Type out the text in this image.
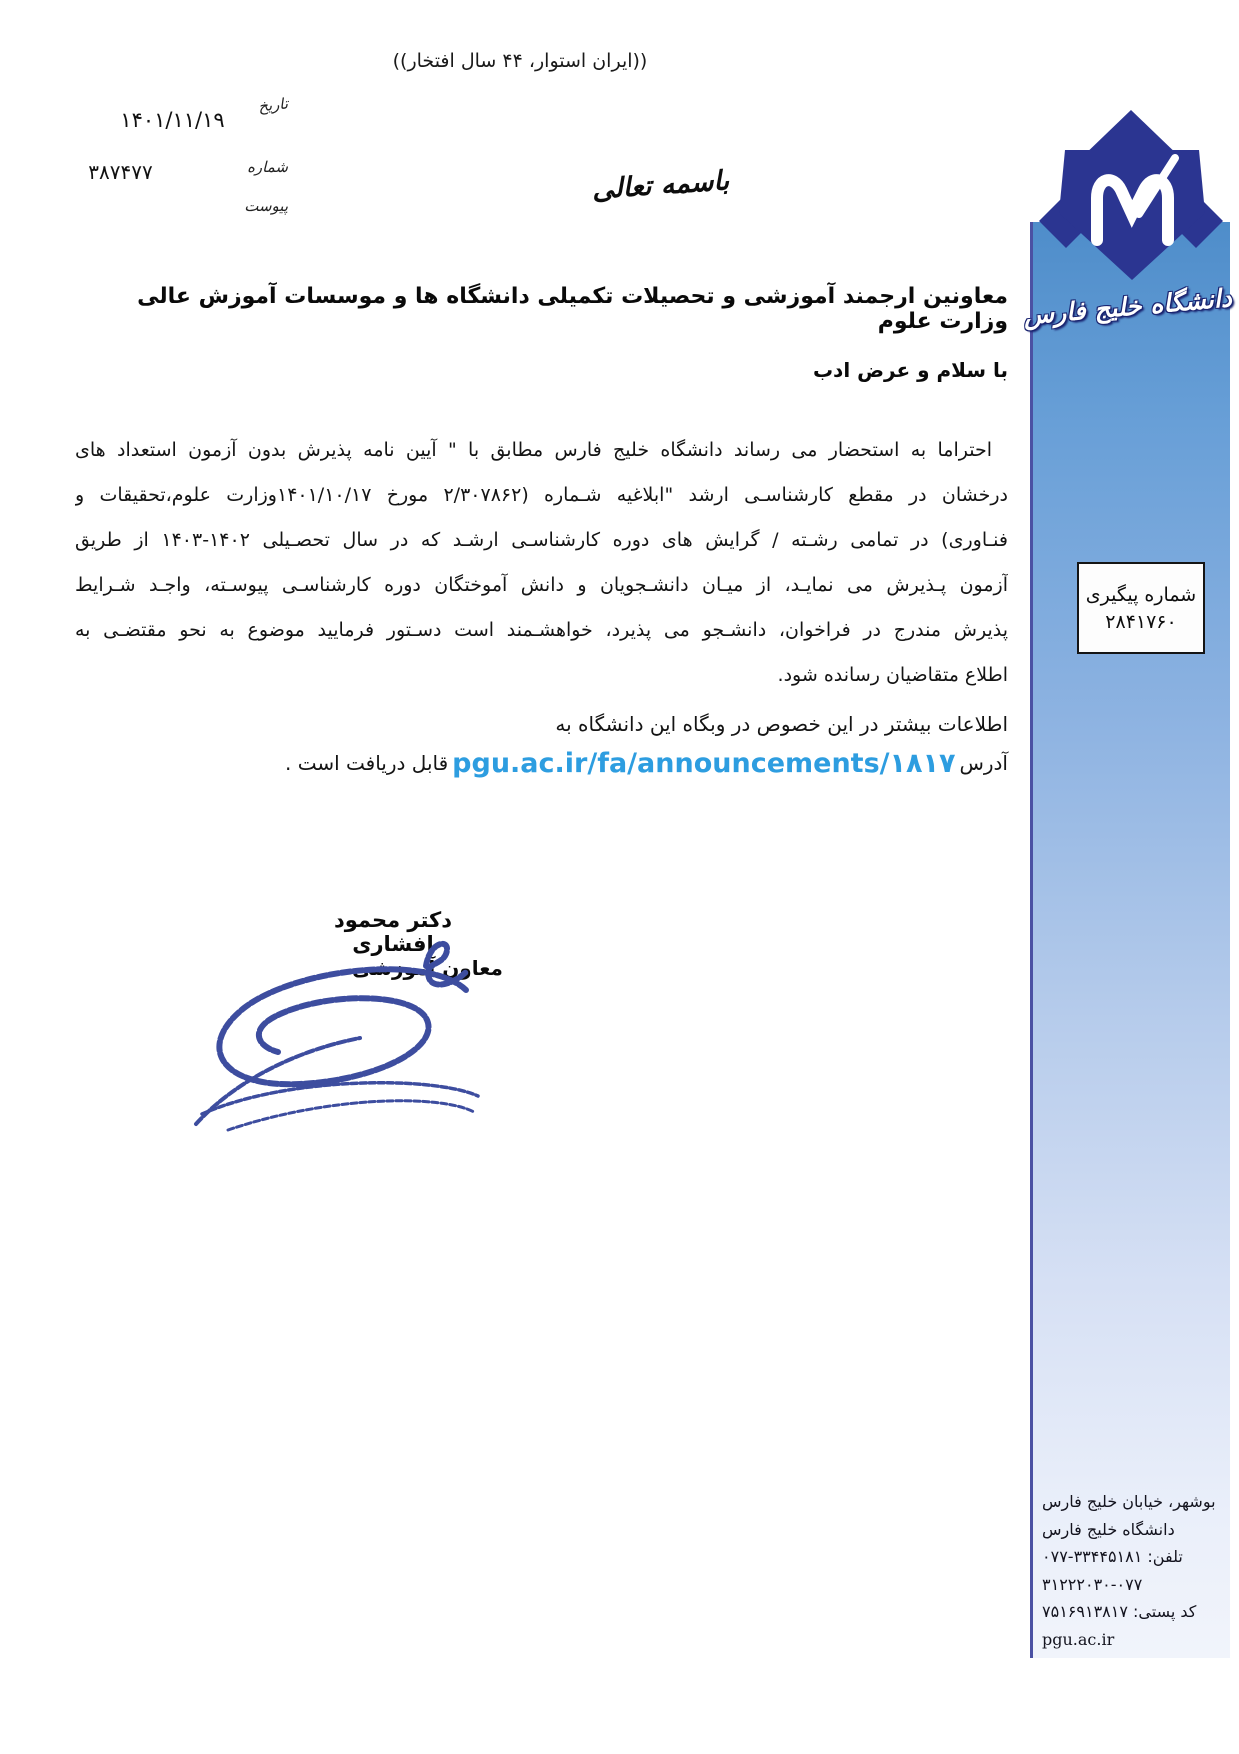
((ایران استوار، ۴۴ سال افتخار))
تاریخ
۱۴۰۱/۱۱/۱۹
شماره
۳۸۷۴۷۷
پیوست
باسمه تعالی
دانشگاه خلیج فارس
شماره پیگیری
۲۸۴۱۷۶۰
معاونین ارجمند آموزشی و تحصیلات تکمیلی دانشگاه ها و موسسات آموزش عالی وزارت علوم
با سلام و عرض ادب
احتراما به استحضار می رساند دانشگاه خلیج فارس مطابق با " آیین نامه پذیرش بدون آزمون استعداد های
درخشان در مقطع کارشناسـی ارشد "ابلاغیه شـماره (۲/۳۰۷۸۶۲ مورخ ۱۴۰۱/۱۰/۱۷وزارت علوم،تحقیقات و
فنـاوری) در تمامی رشـته / گرایش های دوره کارشناسـی ارشـد که در سال تحصـیلی ۱۴۰۲-۱۴۰۳ از طریق
آزمون پـذیرش می نمایـد، از میـان دانشـجویان و دانش آموختگان دوره کارشناسـی پیوسـته، واجـد شـرایط
پذیرش مندرج در فراخوان، دانشـجو می پذیرد، خواهشـمند است دسـتور فرمایید موضوع به نحو مقتضـی به
اطلاع متقاضیان رسانده شود.
اطلاعات بیشتر در این خصوص در وبگاه این دانشگاه به
آدرسpgu.ac.ir/fa/announcements/۱۸۱۷قابل دریافت است .
دکتر محمود افشاری
معاون آموزشی
بوشهر، خیابان خلیج فارس
دانشگاه خلیج فارس
تلفن: ۳۳۴۴۵۱۸۱-۰۷۷
۳۱۲۲۲۰۳۰-۰۷۷
کد پستی: ۷۵۱۶۹۱۳۸۱۷
pgu.ac.ir
